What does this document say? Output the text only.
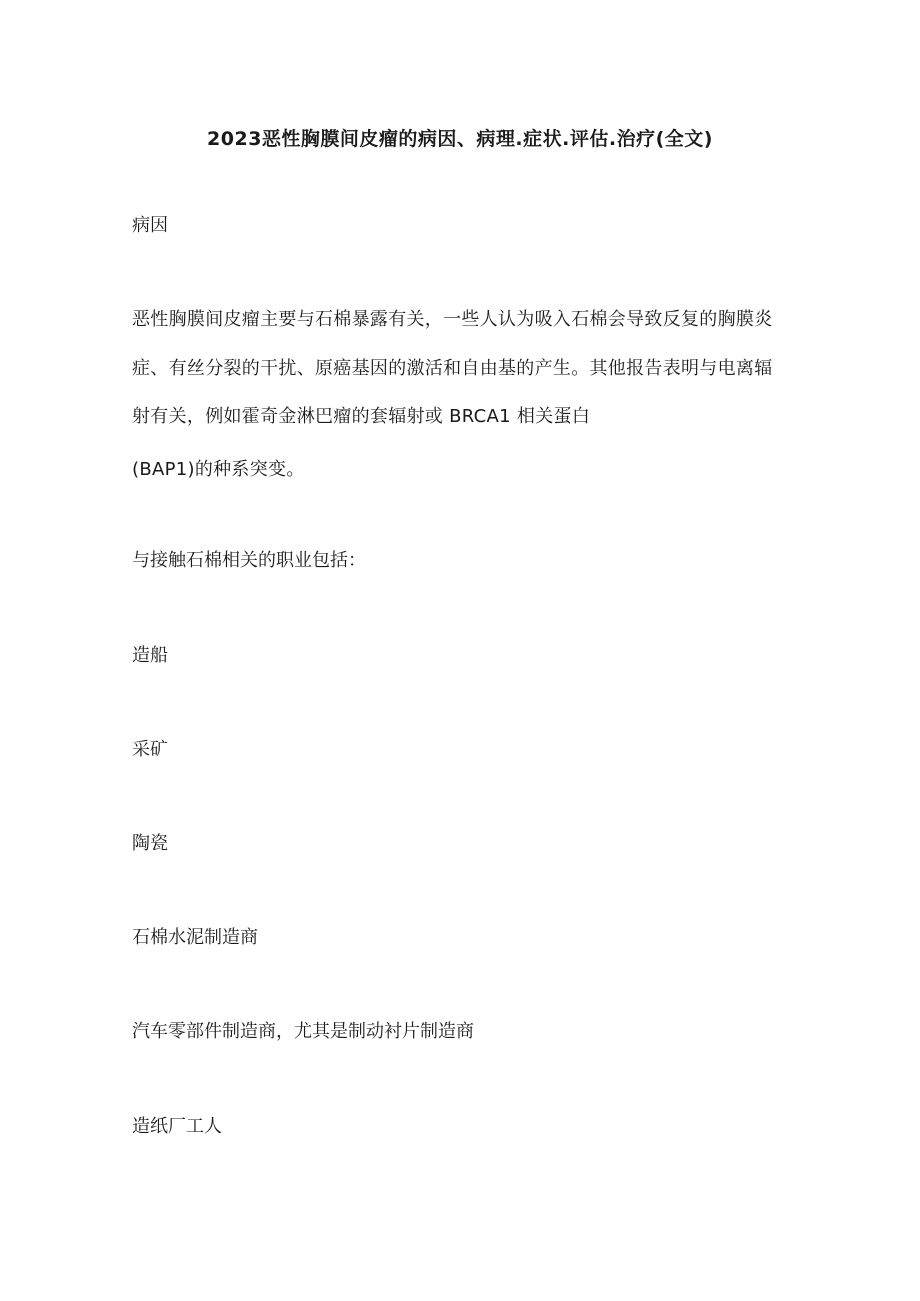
2023恶性胸膜间皮瘤的病因、病理.症状.评估.治疗(全文)
病因
恶性胸膜间皮瘤主要与石棉暴露有关，一些人认为吸入石棉会导致反复的胸膜炎
症、有丝分裂的干扰、原癌基因的激活和自由基的产生。其他报告表明与电离辐
射有关，例如霍奇金淋巴瘤的套辐射或 BRCA1 相关蛋白
(BAP1)的种系突变。
与接触石棉相关的职业包括：
造船
采矿
陶瓷
石棉水泥制造商
汽车零部件制造商，尤其是制动衬片制造商
造纸厂工人
